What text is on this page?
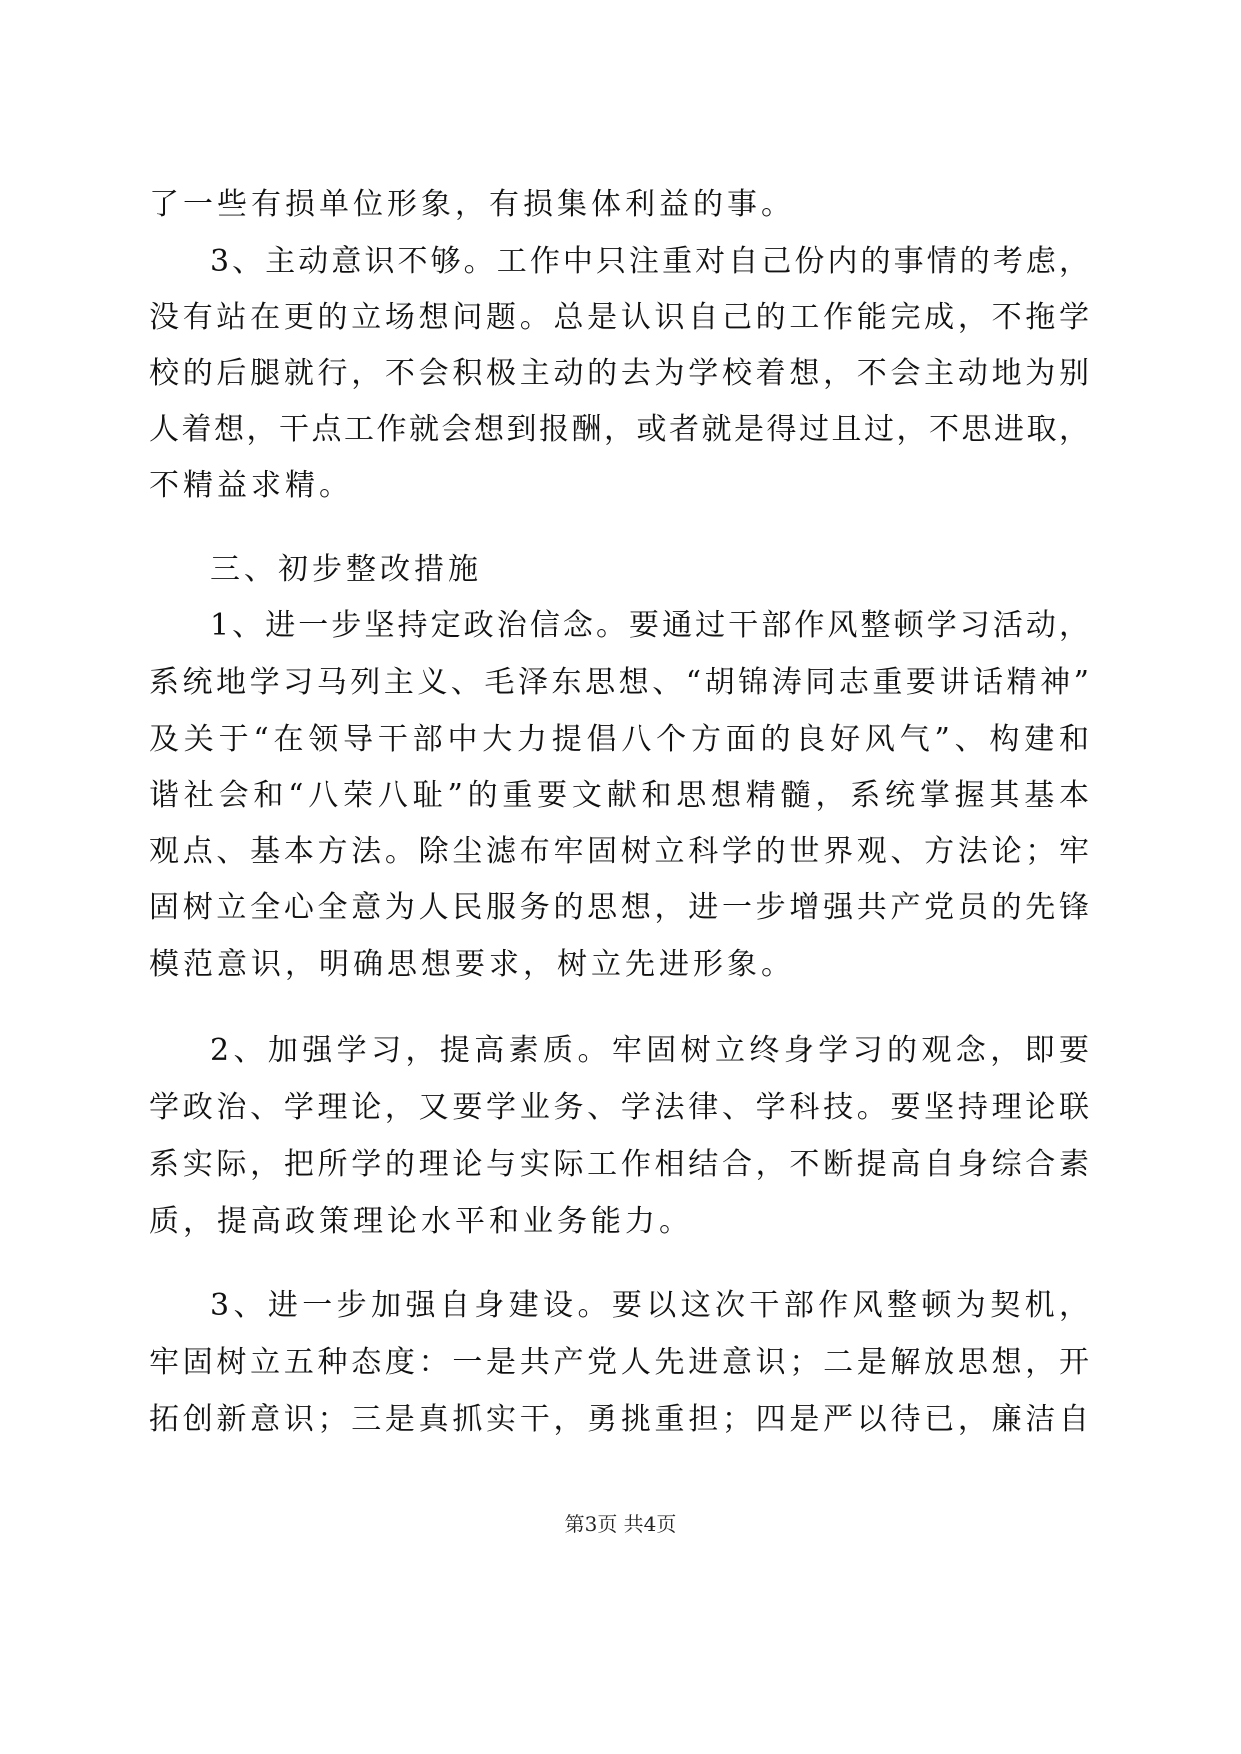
了一些有损单位形象，有损集体利益的事。
3、主动意识不够。工作中只注重对自己份内的事情的考虑，
没有站在更的立场想问题。总是认识自己的工作能完成，不拖学
校的后腿就行，不会积极主动的去为学校着想，不会主动地为别
人着想，干点工作就会想到报酬，或者就是得过且过，不思进取，
不精益求精。
三、初步整改措施
1、进一步坚持定政治信念。要通过干部作风整顿学习活动，
系统地学习马列主义、毛泽东思想、“胡锦涛同志重要讲话精神”
及关于“在领导干部中大力提倡八个方面的良好风气”、构建和
谐社会和“八荣八耻”的重要文献和思想精髓，系统掌握其基本
观点、基本方法。除尘滤布牢固树立科学的世界观、方法论；牢
固树立全心全意为人民服务的思想，进一步增强共产党员的先锋
模范意识，明确思想要求，树立先进形象。
2、加强学习，提高素质。牢固树立终身学习的观念，即要
学政治、学理论，又要学业务、学法律、学科技。要坚持理论联
系实际，把所学的理论与实际工作相结合，不断提高自身综合素
质，提高政策理论水平和业务能力。
3、进一步加强自身建设。要以这次干部作风整顿为契机，
牢固树立五种态度：一是共产党人先进意识；二是解放思想，开
拓创新意识；三是真抓实干，勇挑重担；四是严以待已，廉洁自
第3页 共4页
